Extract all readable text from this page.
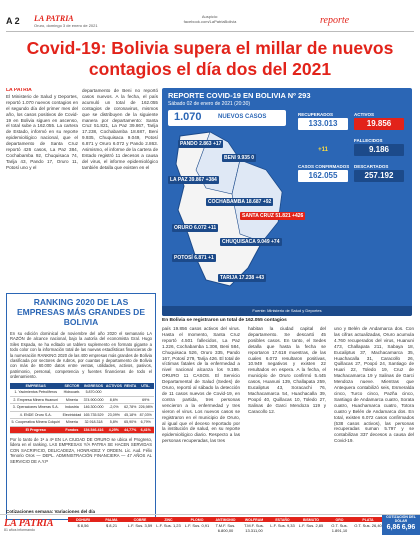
A 2 LA PATRIA
Oruro, domingo 3 de enero de 2021
Auspicio:
facebook.com/LaPatriaBolivia	reporte
Covid-19: Bolivia supera el millar de nuevos contagios el día dos del 2021
LA PATRIA
El Ministerio de Salud y Deportes, reportó 1.070 nuevos contagios en el segundo día del primer mes del año, los casos positivos de Covid-19 en Bolivia siguen en ascenso, el total sube a 162.055. La cartera de Estado, informó en su reporte epidemiológico nacional, que el departamento de Santa Cruz reportó 426 casos, La Paz 384, Cochabamba 92, Chuquisaca 74, Tarija 43, Pando 17, Oruro 11, Potosí uno y el
departamento de Beni no reportó casos nuevos. A la fecha, el país acumuló un total de 162.055 contagios de coronavirus, mismos que se distribuyen de la siguiente manera por departamento: Santa Cruz 51.821, La Paz 39.867, Tarija 17.238, Cochabamba 18.687, Beni 9.935, Chuquisaca 9.049, Potosí 6.871 y Oruro 6.072 y Pando 2.863. Asimismo, el informe de la cartera de Estado registró 11 decesos a causa del virus, el informe epidemiológico también detalla que existen en el
REPORTE COVID-19 EN BOLIVIA Nº 293
Sábado 02 de enero de 2021 (20:30)
1.070	NUEVOS CASOS
PANDO 2.863 +17
BENI 9.935 0
LA PAZ 39.867 +384
COCHABAMBA 18.687 +92
SANTA CRUZ 51.821 +426
ORURO 6.072 +11
CHUQUISACA 9.049 +74
POTOSÍ 6.871 +1
TARIJA 17.238 +43
RECUPERADOS
133.013
ACTIVOS
19.856
FALLECIDOS
9.186
+11
CASOS CONFIRMADOS
162.055
DESCARTADOS
257.192
Fuente: Ministerio de Salud y Deportes
En Bolivia se registraron un total de 162.055 contagios
país 19.856 casos activos del virus. Hasta el momento, Santa Cruz reportó 4.501 fallecidos, La Paz 1.226, Cochabamba 1.308, Beni 584, Chuquisaca 526, Oruro 335, Pando 167, Potosí 279, Tarija 426. El total de víctimas fatales de la enfermedad a nivel nacional alcanza los 9.186. ORURO 11 CASOS. El Servicio Departamental de Salud (Sedes) de Oruro, reportó al sábado la detección de 11 casos nuevos de Covid-19, en contra partida, tres personas vencieron a la enfermedad y tres vieron el virus. Los nuevos casos se registraron en el municipio de Oruro, al igual que el deceso reportado por la institución de salud, en su reporte epidemiológico diario. Respecto a las personas recuperadas, las tres
habitan la ciudad capital del departamento. Se descartó 45 posibles casos. En tanto, el Sedes detalla que hasta la fecha se reportaron 17.618 muestras, de las cuales 6.072 resultaron positivas, 10.949 negativos y existen 22 resultados en espera. A la fecha, el municipio de Oruro confirmó 5.445 casos, Huanuni 139, Challapata 259, Eucaliptus 43, Soracachi 76, Machacamarca 54, Huachacalla 39, Poopó 40, Quillacas 10, Toledo 27, Salinas de Garci Mendoza 119 y Caracollo 12.
uno y Belén de Andamarca dos. Con las cifras actualizadas, Oruro acumula 4.760 recuperados del virus, Huanuni 473, Challapata 211, Sabaya 18, Eucaliptus 37, Machacamarca 35, Huachacalla 31, Caracollo 26, Quillacas 27, Poopó 24, Santiago de Huari 22, Toledo 19, Cruz de Machacamarca 19 y Salinas de Garci Mendoza nueve. Mientras que Antequera contabilizó seis, Esmeralda cinco, Turco cinco, Pazña cinco, Santiago de Andamarca cuatro, Sorata cuatro, Huachamarca cuatro, Totora cuatro y Belén de Andamarca dos. En total, existen 6.072 casos confirmados (538 casos activos), las personas recuperadas suman 5.797 y se contabilizan 337 decesos a causa del Covid-19.
RANKING 2020 DE LAS EMPRESAS MÁS GRANDES DE BOLIVIA
En su edición dominical de noviembre del año 2020 el semanario LA RAZÓN de alcance nacional, bajo la autoría del economista Gral. Hugo Siles Espada, se ha editado un tablero suplemento en formato gigante a todo color con la información total de las nuevas estadísticas financieras de la numeración RANKING 2020 de las 400 empresas más grandes de Bolivia clasificada por sectores de rubros, por cuantas y departamento de Bolivia con más de 60.000 datos entre ventas, utilidades, activos, pasivos, patrimonio, personal, competencia y fuentes financieras de todo el ordenamiento.
EMPRESAS	SECTOR	INGRESOS	ACTIVOS	RENTA	UTIL.
1. Yacimientos Petrolíferos	Hidrocarb.	5.870.000			
2. Empresa Minera Huanuni	Minería	374.900.000	8,6%		69%
3. Operaciones Mineras S.A.	Industria	146.300.000	-2,0%	62,78%	226,98%
4. ENDE Oruro S.A.	Electricidad	165.735.529	23,09%	45,18%	87,03%
5. Cooperativa Minera Colquiri	Minería	32.918.318	5,8%	65,90%	6,79%
El Progreso	Fondos	154.546.416	4,25%	44,77%	6,41%
Por lo tanto de 1ª a 4ª EN LA CIUDAD DE ORURO se ubica el Progreso, lidera en el ranking. LAS EMPRESAS Y/A PATRIA SE HACEN SERVIDAS CON SACRIFICIO, DELICADEZA, HONRADEZ Y ORDEN. Lic. Aud. Félix Tenorio Oros — DEPL. ADMINISTRACIÓN FINANCIERA — 47 AÑOS AL SERVICIO DE A.Y.P
Cotizaciones semana: Variaciones del día
LA PATRIA
81 años informando
DOHURI
$ 8,56
PALMA
$ 8,21
COBRE
L.F. Sus. 3,59
ZINC
L.F. Sus. 1,23
PLOMO
L.F. Sus. 0,91
ANTIMONIO
T.M.F. Sus. 6.800,00
WOLFRAM
T.M.F. Sus. 13.311,00
ESTAÑO
L.F. Sus. 9,33
BISMUTO
L.F. Sus. 2,85
ORO
O.T. Sus. 1.891,10
PLATA
O.T. Sus. 26,40
COTIZACIÓN DEL DÓLAR
6,86 6,96
